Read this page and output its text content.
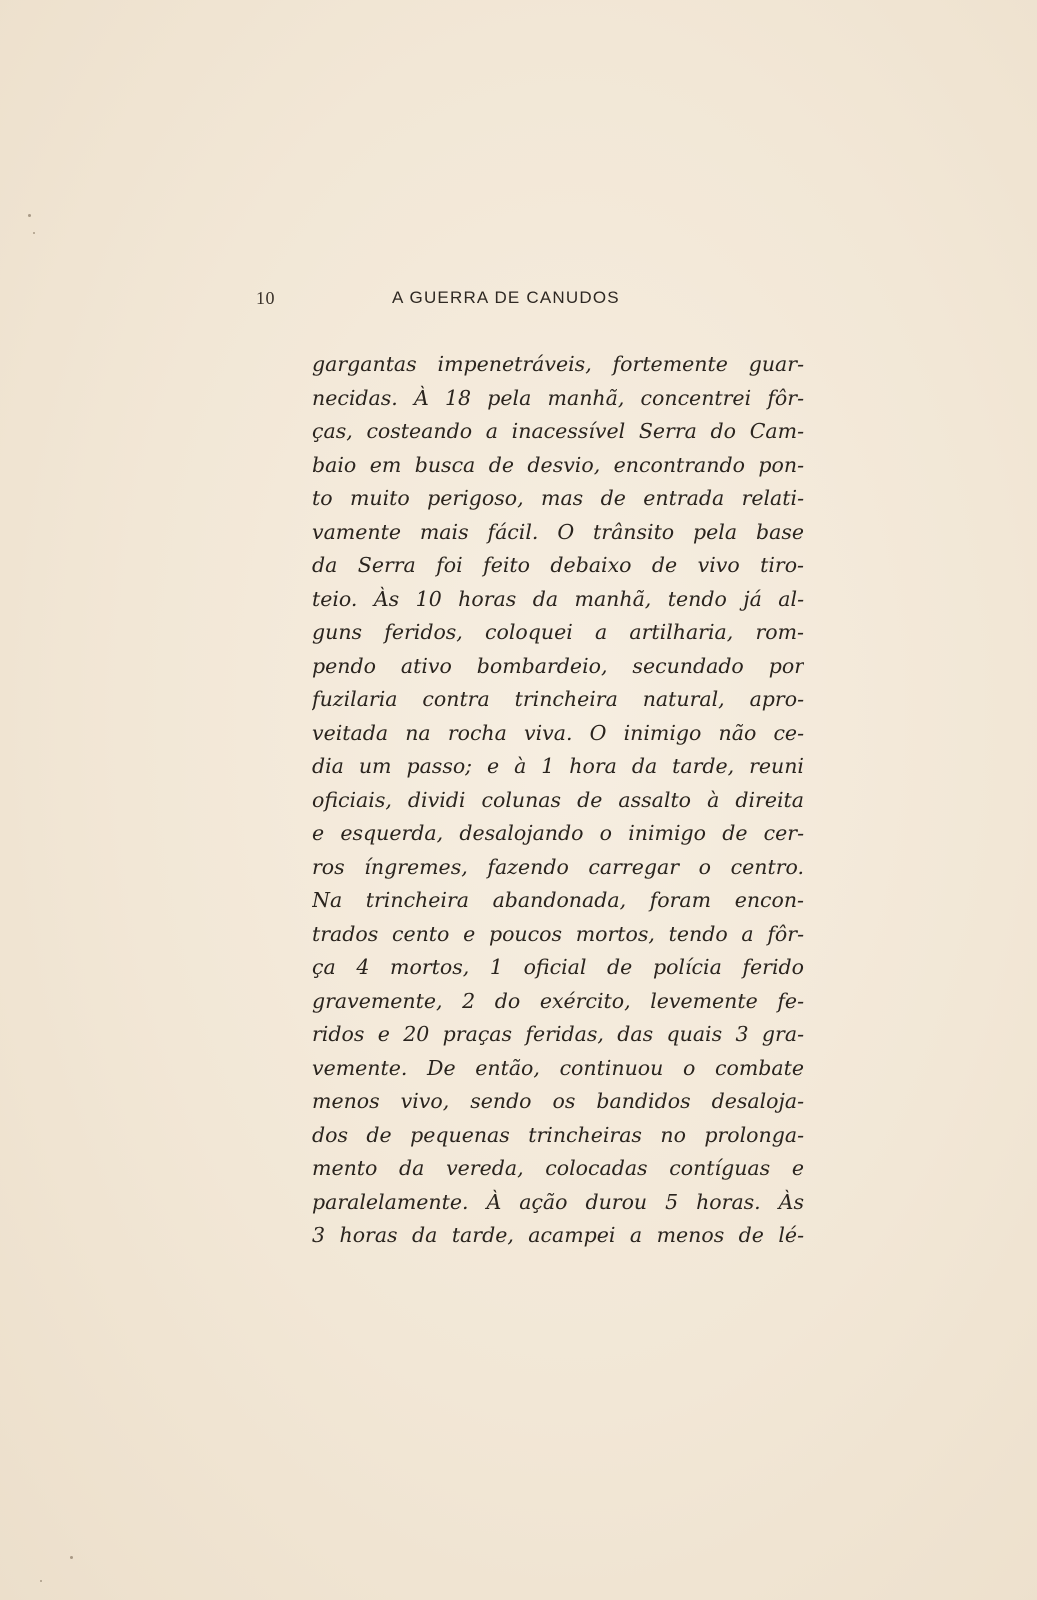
10	A GUERRA DE CANUDOS
gargantas impenetráveis, fortemente guar-
necidas. À 18 pela manhã, concentrei fôr-
ças, costeando a inacessível Serra do Cam-
baio em busca de desvio, encontrando pon-
to muito perigoso, mas de entrada relati-
vamente mais fácil. O trânsito pela base
da Serra foi feito debaixo de vivo tiro-
teio. Às 10 horas da manhã, tendo já al-
guns feridos, coloquei a artilharia, rom-
pendo ativo bombardeio, secundado por
fuzilaria contra trincheira natural, apro-
veitada na rocha viva. O inimigo não ce-
dia um passo; e à 1 hora da tarde, reuni
oficiais, dividi colunas de assalto à direita
e esquerda, desalojando o inimigo de cer-
ros íngremes, fazendo carregar o centro.
Na trincheira abandonada, foram encon-
trados cento e poucos mortos, tendo a fôr-
ça 4 mortos, 1 oficial de polícia ferido
gravemente, 2 do exército, levemente fe-
ridos e 20 praças feridas, das quais 3 gra-
vemente. De então, continuou o combate
menos vivo, sendo os bandidos desaloja-
dos de pequenas trincheiras no prolonga-
mento da vereda, colocadas contíguas e
paralelamente. À ação durou 5 horas. Às
3 horas da tarde, acampei a menos de lé-
